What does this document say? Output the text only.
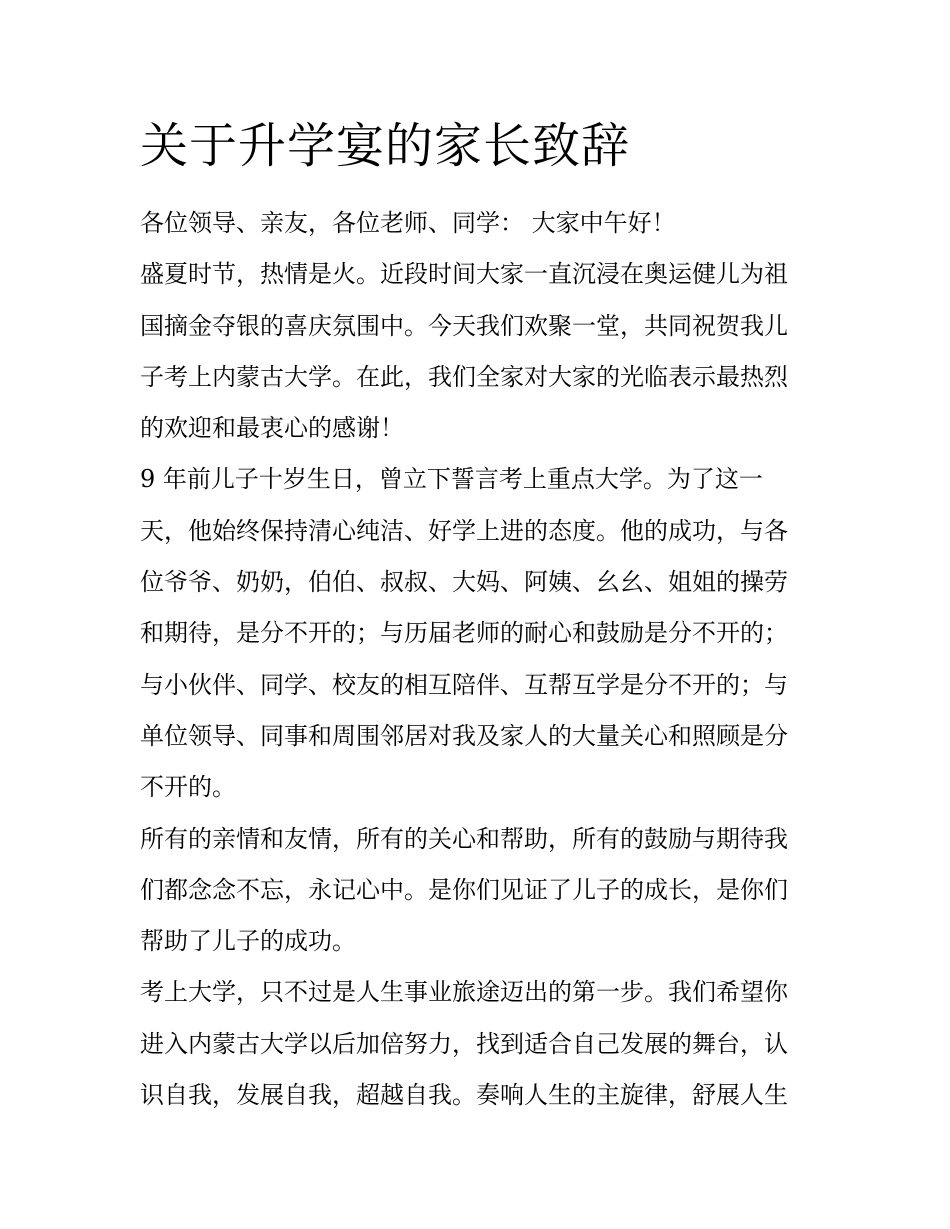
关于升学宴的家长致辞

各位领导、亲友，各位老师、同学： 大家中午好！

盛夏时节，热情是火。近段时间大家一直沉浸在奥运健儿为祖
国摘金夺银的喜庆氛围中。今天我们欢聚一堂，共同祝贺我儿
子考上内蒙古大学。在此，我们全家对大家的光临表示最热烈
的欢迎和最衷心的感谢！

9 年前儿子十岁生日，曾立下誓言考上重点大学。为了这一
天，他始终保持清心纯洁、好学上进的态度。他的成功，与各
位爷爷、奶奶，伯伯、叔叔、大妈、阿姨、幺幺、姐姐的操劳
和期待，是分不开的；与历届老师的耐心和鼓励是分不开的；
与小伙伴、同学、校友的相互陪伴、互帮互学是分不开的；与
单位领导、同事和周围邻居对我及家人的大量关心和照顾是分
不开的。

所有的亲情和友情，所有的关心和帮助，所有的鼓励与期待我
们都念念不忘，永记心中。是你们见证了儿子的成长，是你们
帮助了儿子的成功。

考上大学，只不过是人生事业旅途迈出的第一步。我们希望你
进入内蒙古大学以后加倍努力，找到适合自己发展的舞台，认
识自我，发展自我，超越自我。奏响人生的主旋律，舒展人生
